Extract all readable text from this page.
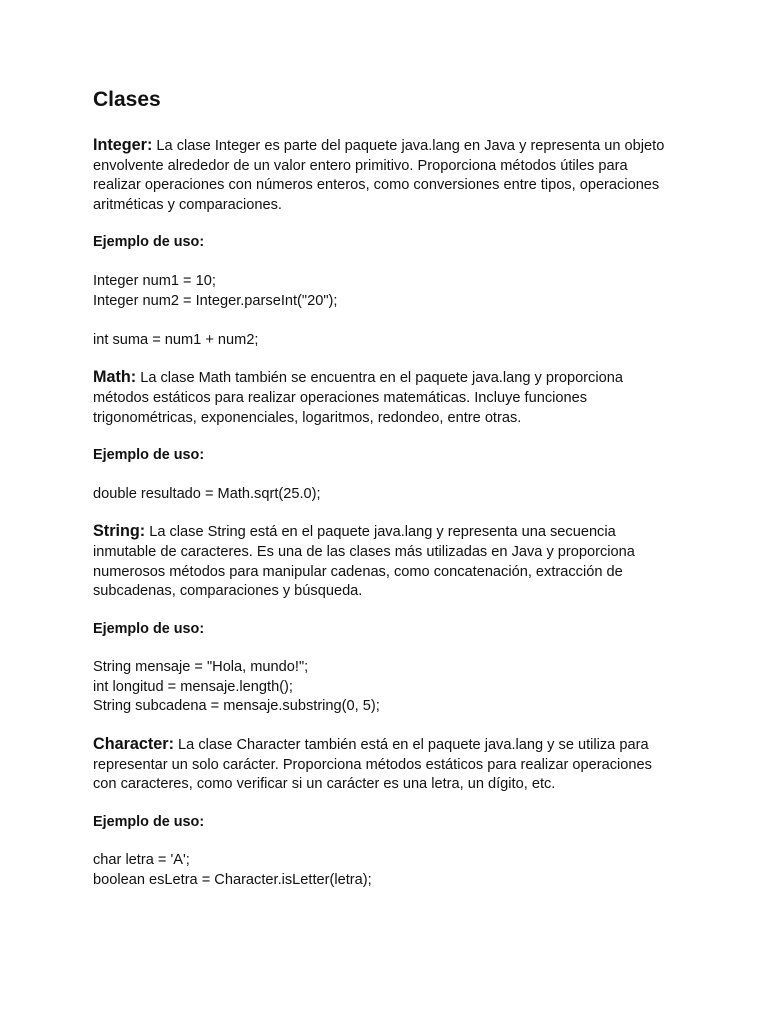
Clases

Integer: La clase Integer es parte del paquete java.lang en Java y representa un objeto envolvente alrededor de un valor entero primitivo. Proporciona métodos útiles para realizar operaciones con números enteros, como conversiones entre tipos, operaciones aritméticas y comparaciones.

Ejemplo de uso:
Integer num1 = 10;
Integer num2 = Integer.parseInt("20");
int suma = num1 + num2;

Math: La clase Math también se encuentra en el paquete java.lang y proporciona métodos estáticos para realizar operaciones matemáticas. Incluye funciones trigonométricas, exponenciales, logaritmos, redondeo, entre otras.

Ejemplo de uso:
double resultado = Math.sqrt(25.0);

String: La clase String está en el paquete java.lang y representa una secuencia inmutable de caracteres. Es una de las clases más utilizadas en Java y proporciona numerosos métodos para manipular cadenas, como concatenación, extracción de subcadenas, comparaciones y búsqueda.

Ejemplo de uso:
String mensaje = "Hola, mundo!";
int longitud = mensaje.length();
String subcadena = mensaje.substring(0, 5);

Character: La clase Character también está en el paquete java.lang y se utiliza para representar un solo carácter. Proporciona métodos estáticos para realizar operaciones con caracteres, como verificar si un carácter es una letra, un dígito, etc.

Ejemplo de uso:
char letra = 'A';
boolean esLetra = Character.isLetter(letra);
